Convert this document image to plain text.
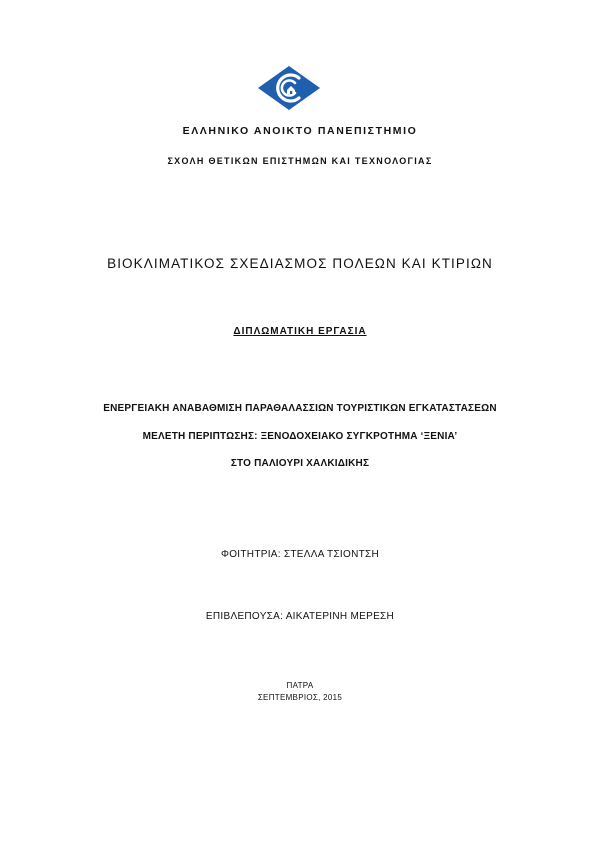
ΕΛΛΗΝΙΚΟ ΑΝΟΙΚΤΟ ΠΑΝΕΠΙΣΤΗΜΙΟ

ΣΧΟΛΗ ΘΕΤΙΚΩΝ ΕΠΙΣΤΗΜΩΝ ΚΑΙ ΤΕΧΝΟΛΟΓΙΑΣ

ΒΙΟΚΛΙΜΑΤΙΚΟΣ ΣΧΕΔΙΑΣΜΟΣ ΠΟΛΕΩΝ ΚΑΙ ΚΤΙΡΙΩΝ

ΔΙΠΛΩΜΑΤΙΚΗ ΕΡΓΑΣΙΑ

ΕΝΕΡΓΕΙΑΚΗ ΑΝΑΒΑΘΜΙΣΗ ΠΑΡΑΘΑΛΑΣΣΙΩΝ ΤΟΥΡΙΣΤΙΚΩΝ ΕΓΚΑΤΑΣΤΑΣΕΩΝ

ΜΕΛΕΤΗ ΠΕΡΙΠΤΩΣΗΣ: ΞΕΝΟΔΟΧΕΙΑΚΟ ΣΥΓΚΡΟΤΗΜΑ ‘ΞΕΝΙΑ’

ΣΤΟ ΠΑΛΙΟΥΡΙ ΧΑΛΚΙΔΙΚΗΣ

ΦΟΙΤΗΤΡΙΑ: ΣΤΕΛΛΑ ΤΣΙΟΝΤΣΗ

ΕΠΙΒΛΕΠΟΥΣΑ: ΑΙΚΑΤΕΡΙΝΗ ΜΕΡΕΣΗ

ΠΑΤΡΑ

ΣΕΠΤΕΜΒΡΙΟΣ, 2015
